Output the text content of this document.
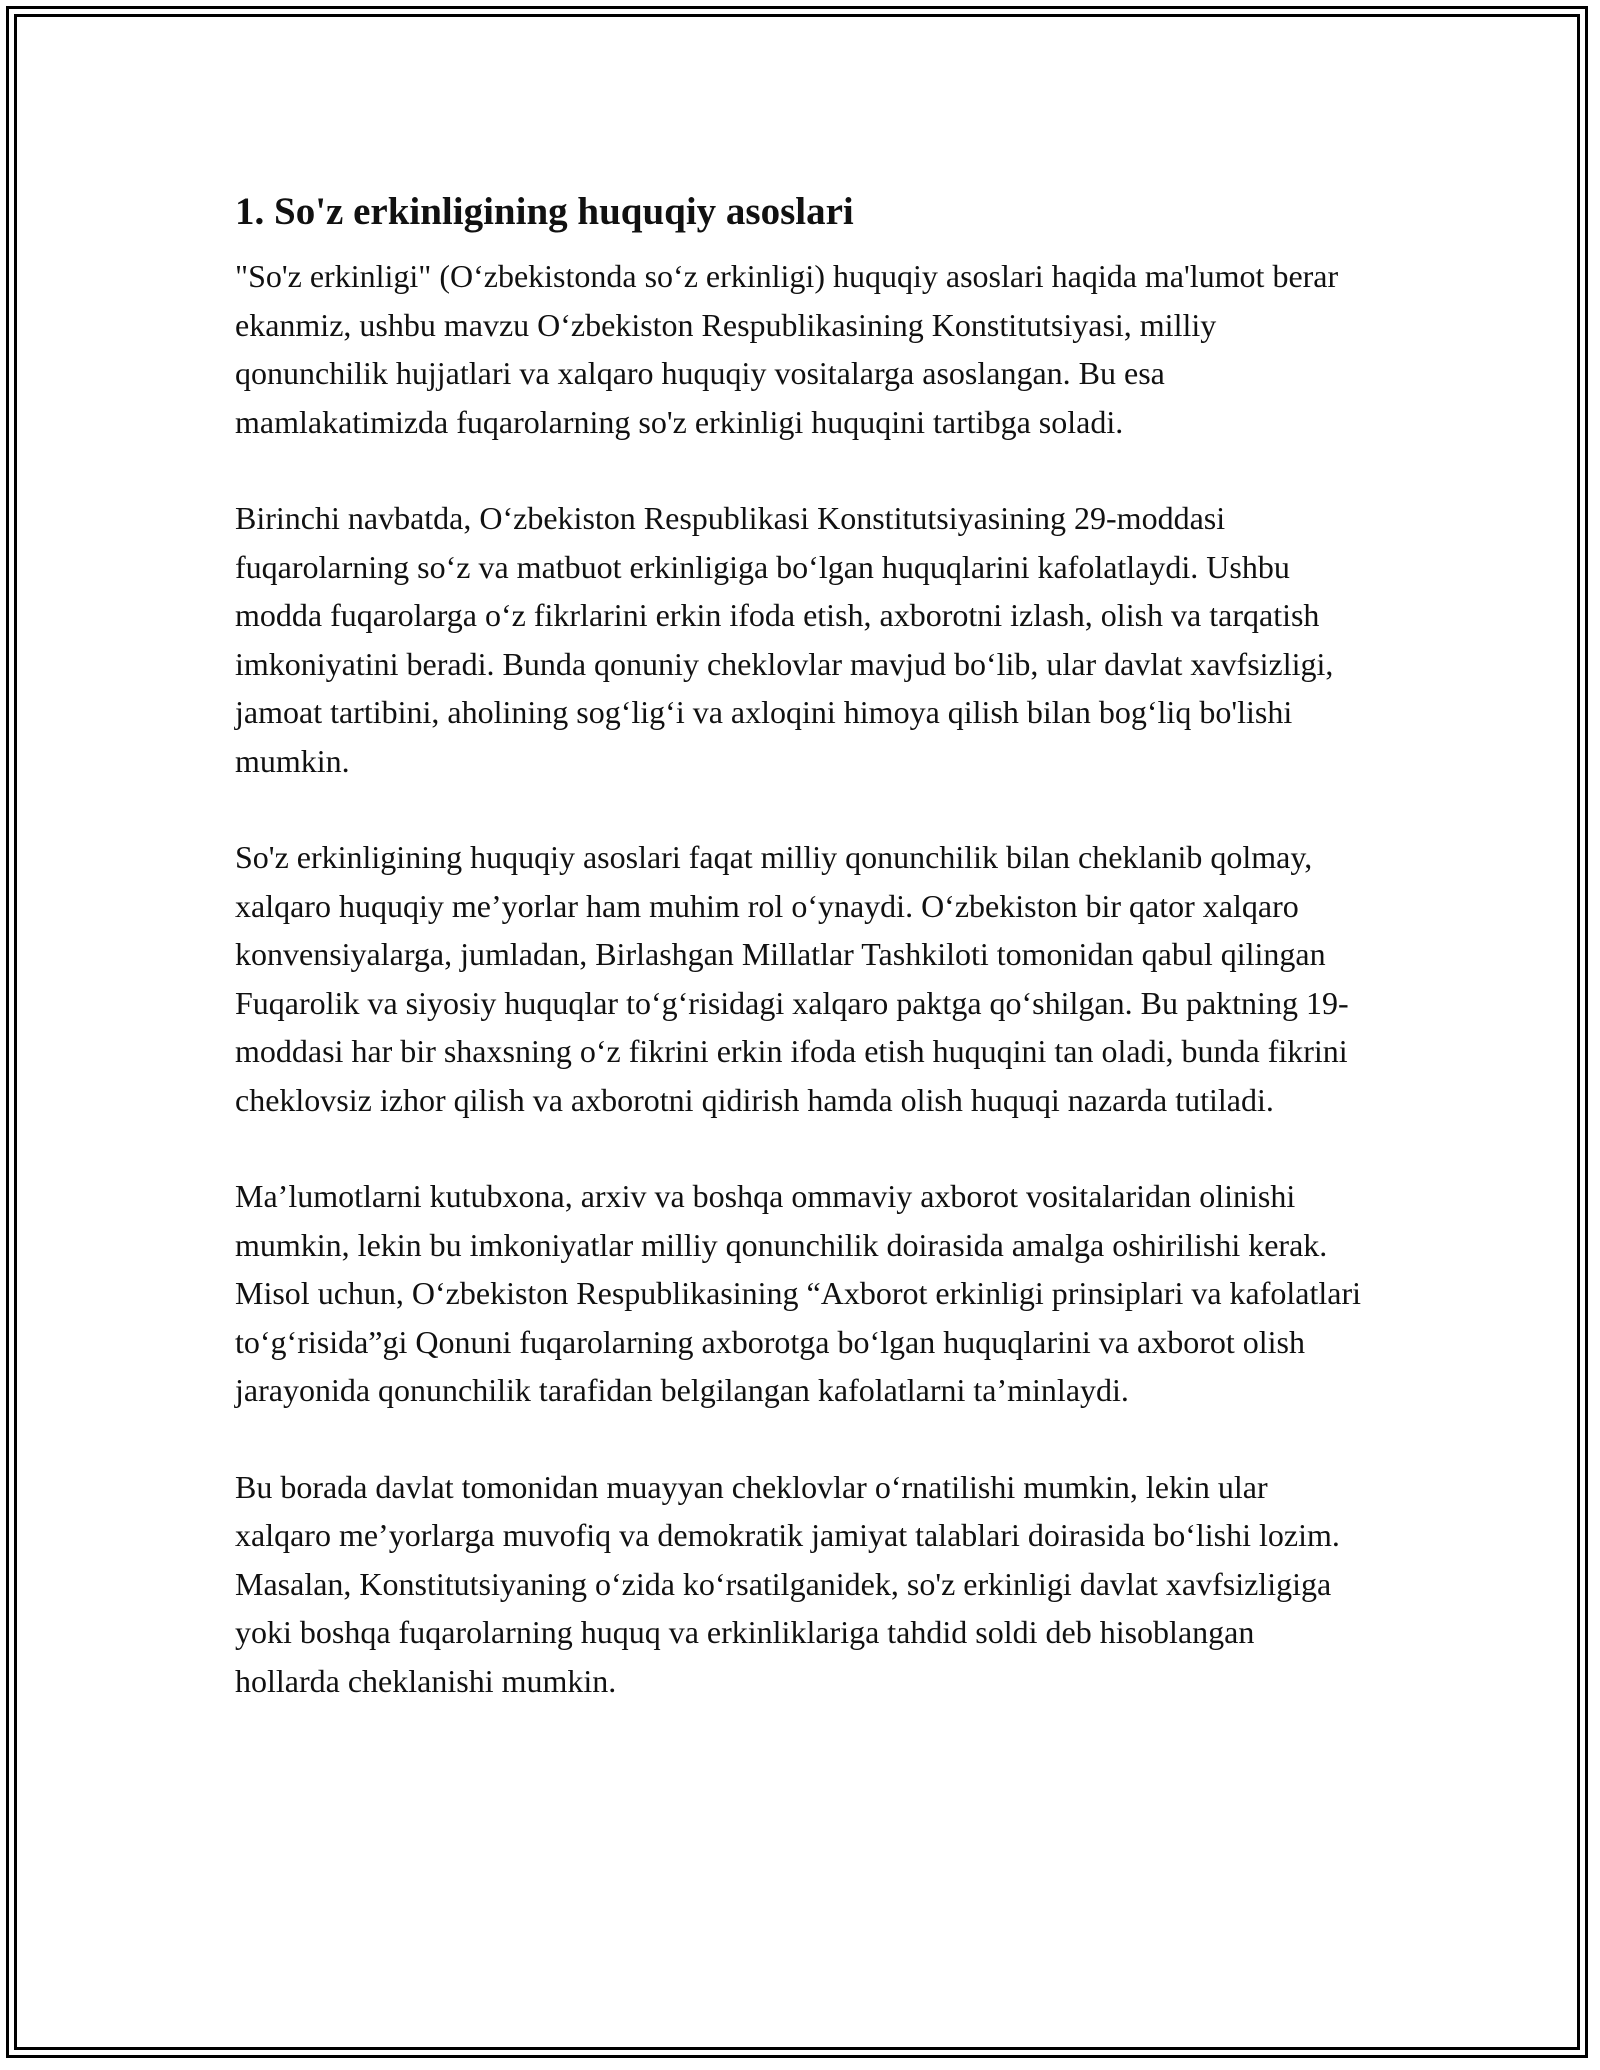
1. So'z erkinligining huquqiy asoslari

"So'z erkinligi" (O‘zbekistonda so‘z erkinligi) huquqiy asoslari haqida ma'lumot berar ekanmiz, ushbu mavzu O‘zbekiston Respublikasining Konstitutsiyasi, milliy qonunchilik hujjatlari va xalqaro huquqiy vositalarga asoslangan. Bu esa mamlakatimizda fuqarolarning so'z erkinligi huquqini tartibga soladi.

Birinchi navbatda, O‘zbekiston Respublikasi Konstitutsiyasining 29-moddasi fuqarolarning so‘z va matbuot erkinligiga bo‘lgan huquqlarini kafolatlaydi. Ushbu modda fuqarolarga o‘z fikrlarini erkin ifoda etish, axborotni izlash, olish va tarqatish imkoniyatini beradi. Bunda qonuniy cheklovlar mavjud bo‘lib, ular davlat xavfsizligi, jamoat tartibini, aholining sog‘lig‘i va axloqini himoya qilish bilan bog‘liq bo'lishi mumkin.

So'z erkinligining huquqiy asoslari faqat milliy qonunchilik bilan cheklanib qolmay, xalqaro huquqiy me’yorlar ham muhim rol o‘ynaydi. O‘zbekiston bir qator xalqaro konvensiyalarga, jumladan, Birlashgan Millatlar Tashkiloti tomonidan qabul qilingan Fuqarolik va siyosiy huquqlar to‘g‘risidagi xalqaro paktga qo‘shilgan. Bu paktning 19-moddasi har bir shaxsning o‘z fikrini erkin ifoda etish huquqini tan oladi, bunda fikrini cheklovsiz izhor qilish va axborotni qidirish hamda olish huquqi nazarda tutiladi.

Ma’lumotlarni kutubxona, arxiv va boshqa ommaviy axborot vositalaridan olinishi mumkin, lekin bu imkoniyatlar milliy qonunchilik doirasida amalga oshirilishi kerak. Misol uchun, O‘zbekiston Respublikasining “Axborot erkinligi prinsiplari va kafolatlari to‘g‘risida”gi Qonuni fuqarolarning axborotga bo‘lgan huquqlarini va axborot olish jarayonida qonunchilik tarafidan belgilangan kafolatlarni ta’minlaydi.

Bu borada davlat tomonidan muayyan cheklovlar o‘rnatilishi mumkin, lekin ular xalqaro me’yorlarga muvofiq va demokratik jamiyat talablari doirasida bo‘lishi lozim. Masalan, Konstitutsiyaning o‘zida ko‘rsatilganidek, so'z erkinligi davlat xavfsizligiga yoki boshqa fuqarolarning huquq va erkinliklariga tahdid soldi deb hisoblangan hollarda cheklanishi mumkin.
